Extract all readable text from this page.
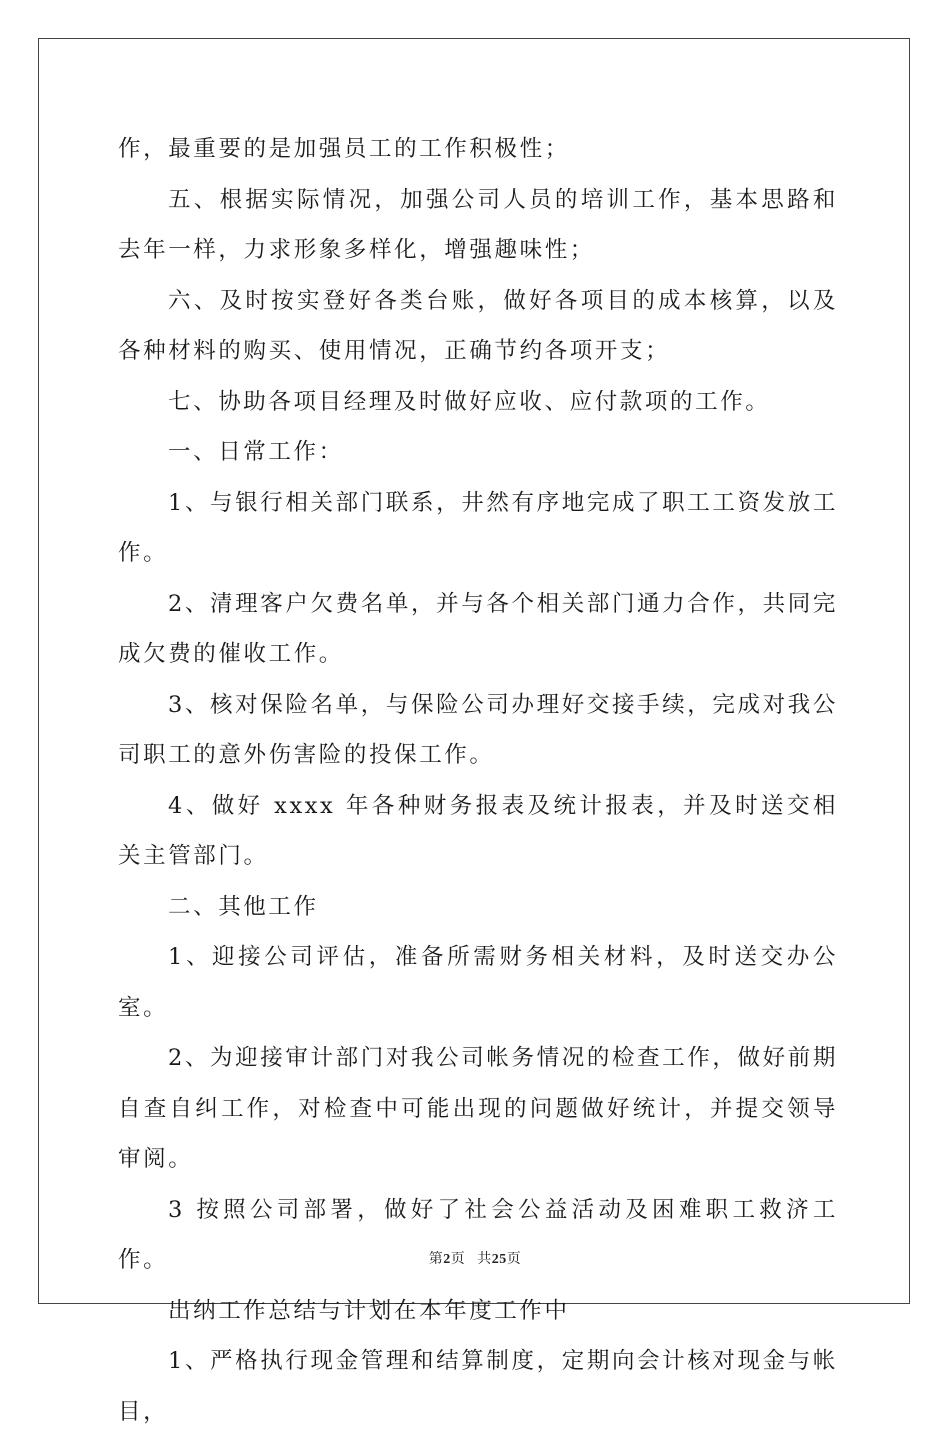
作，最重要的是加强员工的工作积极性；

五、根据实际情况，加强公司人员的培训工作，基本思路和去年一样，力求形象多样化，增强趣味性；

六、及时按实登好各类台账，做好各项目的成本核算，以及各种材料的购买、使用情况，正确节约各项开支；

七、协助各项目经理及时做好应收、应付款项的工作。

一、日常工作：

1、与银行相关部门联系，井然有序地完成了职工工资发放工作。

2、清理客户欠费名单，并与各个相关部门通力合作，共同完成欠费的催收工作。

3、核对保险名单，与保险公司办理好交接手续，完成对我公司职工的意外伤害险的投保工作。

4、做好 xxxx 年各种财务报表及统计报表，并及时送交相关主管部门。

二、其他工作

1、迎接公司评估，准备所需财务相关材料，及时送交办公室。

2、为迎接审计部门对我公司帐务情况的检查工作，做好前期自查自纠工作，对检查中可能出现的问题做好统计，并提交领导审阅。

3 按照公司部署，做好了社会公益活动及困难职工救济工作。

出纳工作总结与计划在本年度工作中

1、严格执行现金管理和结算制度，定期向会计核对现金与帐目，

第2页 共25页
